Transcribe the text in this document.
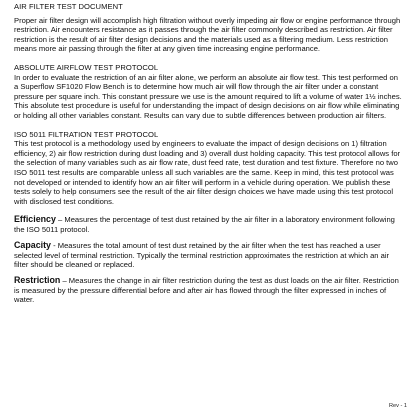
AIR FILTER TEST DOCUMENT

Proper air filter design will accomplish high filtration without overly impeding air flow or engine performance through restriction. Air encounters resistance as it passes through the air filter commonly described as restriction. Air filter restriction is the result of air filter design decisions and the materials used as a filtering medium. Less restriction means more air passing through the filter at any given time increasing engine performance.

ABSOLUTE AIRFLOW TEST PROTOCOL

In order to evaluate the restriction of an air filter alone, we perform an absolute air flow test. This test performed on a Superflow SF1020 Flow Bench is to determine how much air will flow through the air filter under a constant pressure per square inch. This constant pressure we use is the amount required to lift a volume of water 1½ inches. This absolute test procedure is useful for understanding the impact of design decisions on air flow while eliminating or holding all other variables constant. Results can vary due to subtle differences between production air filters.

ISO 5011 FILTRATION TEST PROTOCOL

This test protocol is a methodology used by engineers to evaluate the impact of design decisions on 1) filtration efficiency, 2) air flow restriction during dust loading and 3) overall dust holding capacity. This test protocol allows for the selection of many variables such as air flow rate, dust feed rate, test duration and test fixture. Therefore no two ISO 5011 test results are comparable unless all such variables are the same. Keep in mind, this test protocol was not developed or intended to identify how an air filter will perform in a vehicle during operation. We publish these tests solely to help consumers see the result of the air filter design choices we have made using this test protocol with disclosed test conditions.

Efficiency – Measures the percentage of test dust retained by the air filter in a laboratory environment following the ISO 5011 protocol.

Capacity - Measures the total amount of test dust retained by the air filter when the test has reached a user selected level of terminal restriction. Typically the terminal restriction approximates the restriction at which an air filter should be cleaned or replaced.

Restriction – Measures the change in air filter restriction during the test as dust loads on the air filter. Restriction is measured by the pressure differential before and after air has flowed through the filter expressed in inches of water.

Rev - 1
